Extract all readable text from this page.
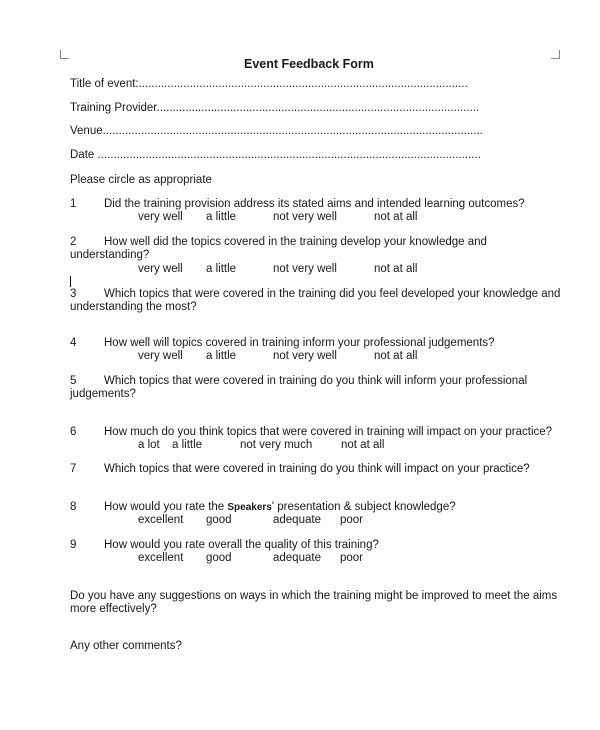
Event Feedback Form
Title of event:.......................................................................................................
Training Provider.....................................................................................................
Venue.......................................................................................................................
Date ........................................................................................................................
Please circle as appropriate
1	Did the training provision address its stated aims and intended learning outcomes?
very well a little	not very well	not at all
2	How well did the topics covered in the training develop your knowledge and
understanding?
very well a little	not very well	not at all
3	Which topics that were covered in the training did you feel developed your knowledge and
understanding the most?
4	How well will topics covered in training inform your professional judgements?
very well a little	not very well	not at all
5	Which topics that were covered in training do you think will inform your professional
judgements?
6	How much do you think topics that were covered in training will impact on your practice?
a lot a little	not very much	not at all
7	Which topics that were covered in training do you think will impact on your practice?
8	How would you rate the Speakers' presentation & subject knowledge?
excellent good	adequate poor
9	How would you rate overall the quality of this training?
excellent good	adequate poor
Do you have any suggestions on ways in which the training might be improved to meet the aims
more effectively?
Any other comments?
